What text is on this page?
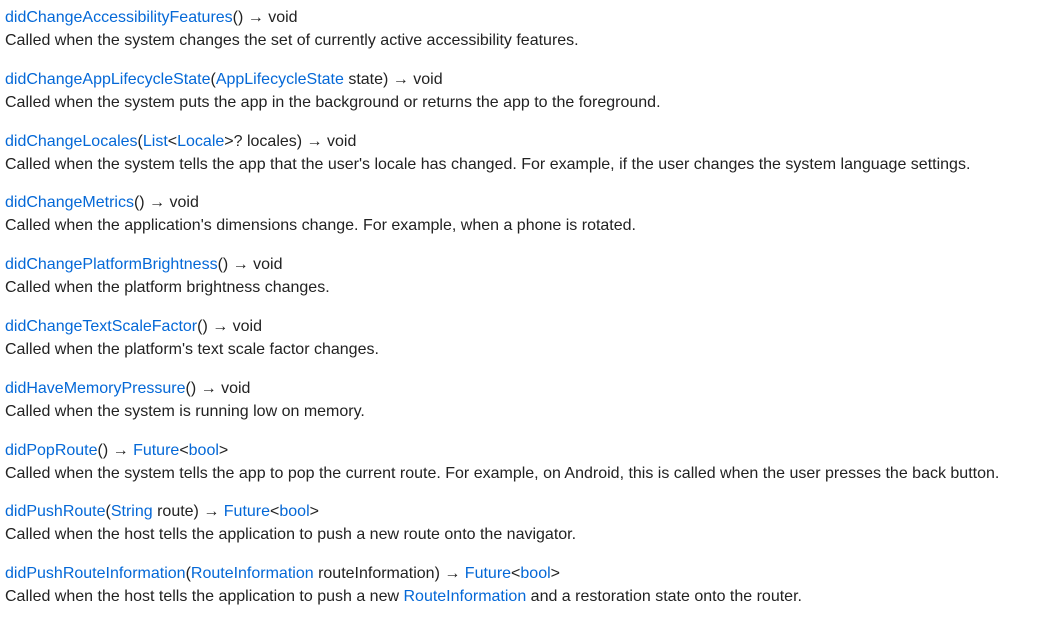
didChangeAccessibilityFeatures() → void
Called when the system changes the set of currently active accessibility features.
didChangeAppLifecycleState(AppLifecycleState state) → void
Called when the system puts the app in the background or returns the app to the foreground.
didChangeLocales(List<Locale>? locales) → void
Called when the system tells the app that the user's locale has changed. For example, if the user changes the system language settings.
didChangeMetrics() → void
Called when the application's dimensions change. For example, when a phone is rotated.
didChangePlatformBrightness() → void
Called when the platform brightness changes.
didChangeTextScaleFactor() → void
Called when the platform's text scale factor changes.
didHaveMemoryPressure() → void
Called when the system is running low on memory.
didPopRoute() → Future<bool>
Called when the system tells the app to pop the current route. For example, on Android, this is called when the user presses the back button.
didPushRoute(String route) → Future<bool>
Called when the host tells the application to push a new route onto the navigator.
didPushRouteInformation(RouteInformation routeInformation) → Future<bool>
Called when the host tells the application to push a new RouteInformation and a restoration state onto the router.
